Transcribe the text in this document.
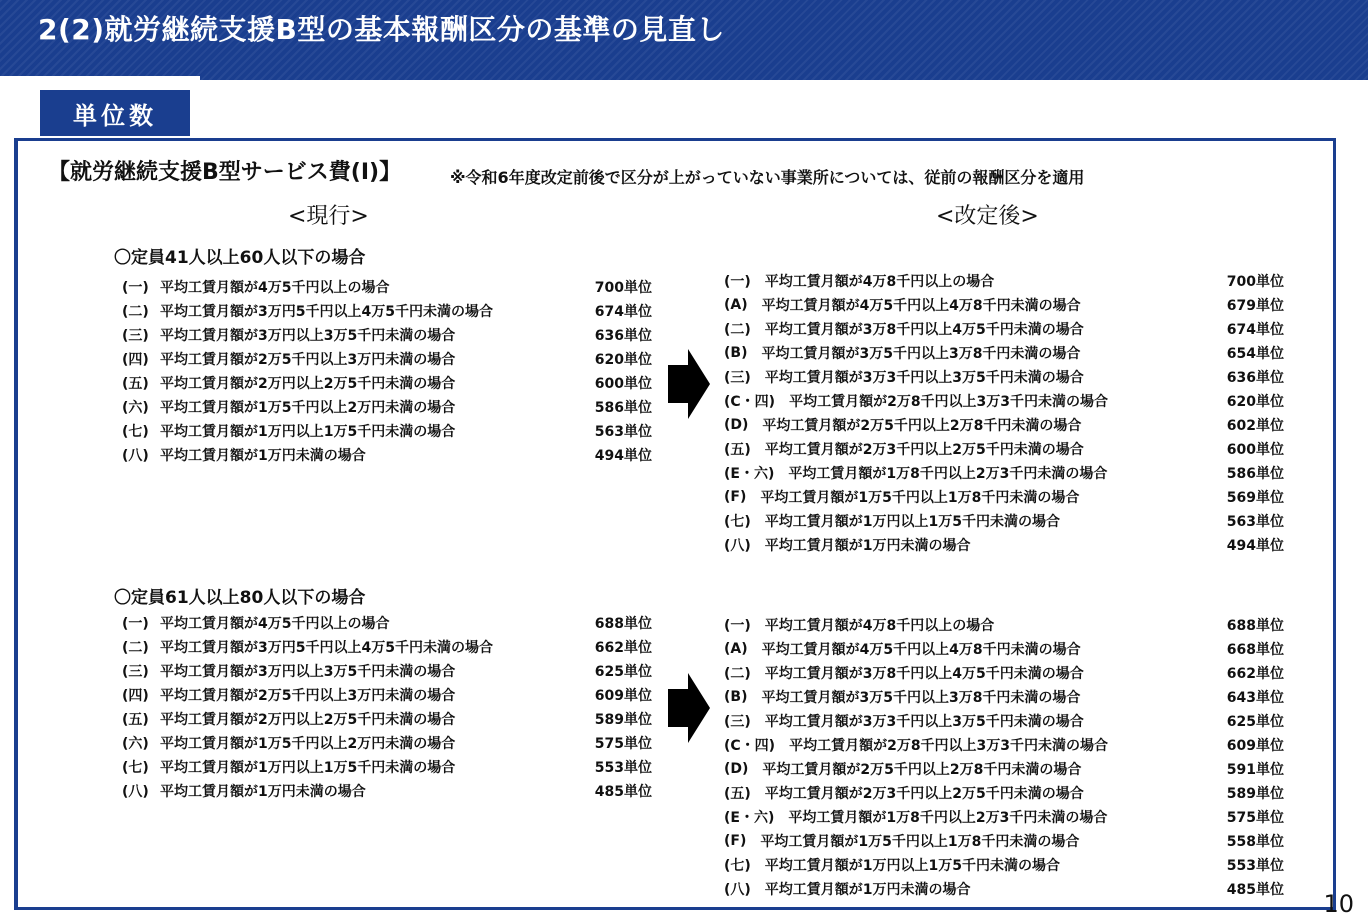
2(2)就労継続支援B型の基本報酬区分の基準の見直し
単位数
【就労継続支援B型サービス費(Ⅰ)】	※令和6年度改定前後で区分が上がっていない事業所については、従前の報酬区分を適用
<現行>	<改定後>
〇定員41人以上60人以下の場合
(一) 平均工賃月額が4万5千円以上の場合	700単位
(二) 平均工賃月額が3万円5千円以上4万5千円未満の場合	674単位
(三) 平均工賃月額が3万円以上3万5千円未満の場合	636単位
(四) 平均工賃月額が2万5千円以上3万円未満の場合	620単位
(五) 平均工賃月額が2万円以上2万5千円未満の場合	600単位
(六) 平均工賃月額が1万5千円以上2万円未満の場合	586単位
(七) 平均工賃月額が1万円以上1万5千円未満の場合	563単位
(八) 平均工賃月額が1万円未満の場合	494単位
(一) 平均工賃月額が4万8千円以上の場合	700単位
(A) 平均工賃月額が4万5千円以上4万8千円未満の場合	679単位
(二) 平均工賃月額が3万8千円以上4万5千円未満の場合	674単位
(B) 平均工賃月額が3万5千円以上3万8千円未満の場合	654単位
(三) 平均工賃月額が3万3千円以上3万5千円未満の場合	636単位
(C・四) 平均工賃月額が2万8千円以上3万3千円未満の場合	620単位
(D) 平均工賃月額が2万5千円以上2万8千円未満の場合	602単位
(五) 平均工賃月額が2万3千円以上2万5千円未満の場合	600単位
(E・六) 平均工賃月額が1万8千円以上2万3千円未満の場合	586単位
(F) 平均工賃月額が1万5千円以上1万8千円未満の場合	569単位
(七) 平均工賃月額が1万円以上1万5千円未満の場合	563単位
(八) 平均工賃月額が1万円未満の場合	494単位
〇定員61人以上80人以下の場合
(一) 平均工賃月額が4万5千円以上の場合	688単位
(二) 平均工賃月額が3万円5千円以上4万5千円未満の場合	662単位
(三) 平均工賃月額が3万円以上3万5千円未満の場合	625単位
(四) 平均工賃月額が2万5千円以上3万円未満の場合	609単位
(五) 平均工賃月額が2万円以上2万5千円未満の場合	589単位
(六) 平均工賃月額が1万5千円以上2万円未満の場合	575単位
(七) 平均工賃月額が1万円以上1万5千円未満の場合	553単位
(八) 平均工賃月額が1万円未満の場合	485単位
(一) 平均工賃月額が4万8千円以上の場合	688単位
(A) 平均工賃月額が4万5千円以上4万8千円未満の場合	668単位
(二) 平均工賃月額が3万8千円以上4万5千円未満の場合	662単位
(B) 平均工賃月額が3万5千円以上3万8千円未満の場合	643単位
(三) 平均工賃月額が3万3千円以上3万5千円未満の場合	625単位
(C・四) 平均工賃月額が2万8千円以上3万3千円未満の場合	609単位
(D) 平均工賃月額が2万5千円以上2万8千円未満の場合	591単位
(五) 平均工賃月額が2万3千円以上2万5千円未満の場合	589単位
(E・六) 平均工賃月額が1万8千円以上2万3千円未満の場合	575単位
(F) 平均工賃月額が1万5千円以上1万8千円未満の場合	558単位
(七) 平均工賃月額が1万円以上1万5千円未満の場合	553単位
(八) 平均工賃月額が1万円未満の場合	485単位 10
